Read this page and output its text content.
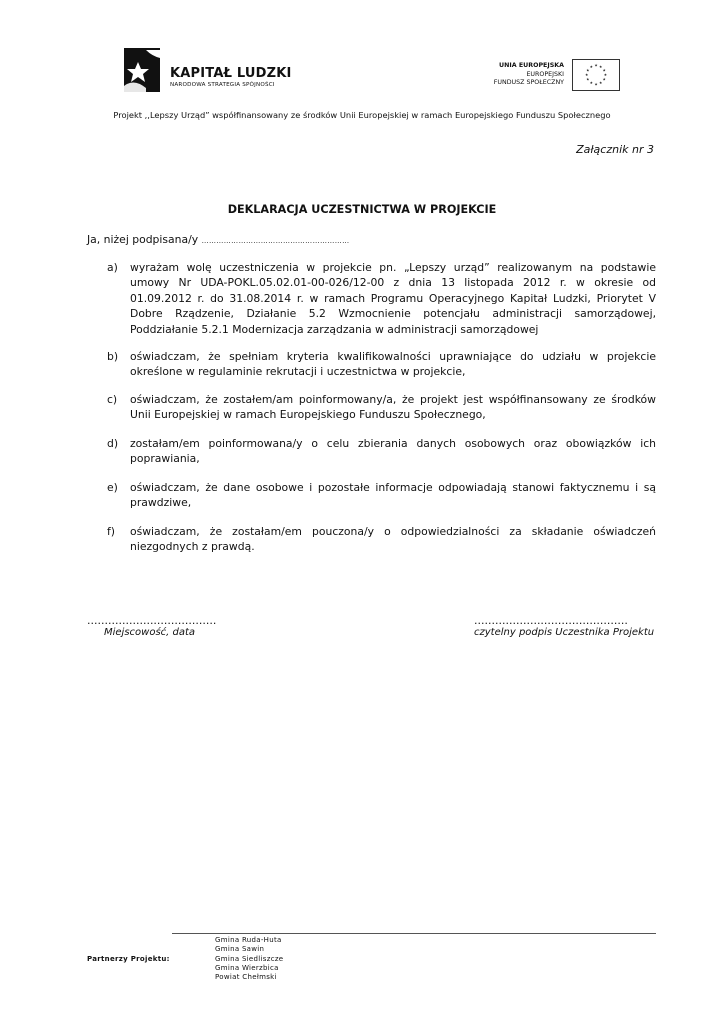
KAPITAŁ LUDZKI
NARODOWA STRATEGIA SPÓJNOŚCI
UNIA EUROPEJSKA
EUROPEJSKI
FUNDUSZ SPOŁECZNY
★ ★
★
★
★
★
★
★
★
★
★
★
Projekt ,,Lepszy Urząd” współfinansowany ze środków Unii Europejskiej w ramach Europejskiego Funduszu Społecznego
Załącznik nr 3
DEKLARACJA UCZESTNICTWA W PROJEKCIE
Ja, niżej podpisana/y ……………………………………………………
a)	wyrażam wolę uczestniczenia w projekcie pn. „Lepszy urząd” realizowanym na podstawie umowy Nr UDA-POKL.05.02.01-00-026/12-00 z dnia 13 listopada 2012 r. w okresie od 01.09.2012 r. do 31.08.2014 r. w ramach Programu Operacyjnego Kapitał Ludzki, Priorytet V Dobre Rządzenie, Działanie 5.2 Wzmocnienie potencjału administracji samorządowej, Poddziałanie 5.2.1 Modernizacja zarządzania w administracji samorządowej
b)	oświadczam, że spełniam kryteria kwalifikowalności uprawniające do udziału w projekcie określone w regulaminie rekrutacji i uczestnictwa w projekcie,
c)	oświadczam, że zostałem/am poinformowany/a, że projekt jest współfinansowany ze środków Unii Europejskiej w ramach Europejskiego Funduszu Społecznego,
d)	zostałam/em poinformowana/y o celu zbierania danych osobowych oraz obowiązków ich poprawiania,
e)	oświadczam, że dane osobowe i pozostałe informacje odpowiadają stanowi faktycznemu i są prawdziwe,
f)	oświadczam, że zostałam/em pouczona/y o odpowiedzialności za składanie oświadczeń niezgodnych z prawdą.
.....................................
Miejscowość, data
............................................
czytelny podpis Uczestnika Projektu
Partnerzy Projektu:
Gmina Ruda-Huta
Gmina Sawin
Gmina Siedliszcze
Gmina Wierzbica
Powiat Chełmski
